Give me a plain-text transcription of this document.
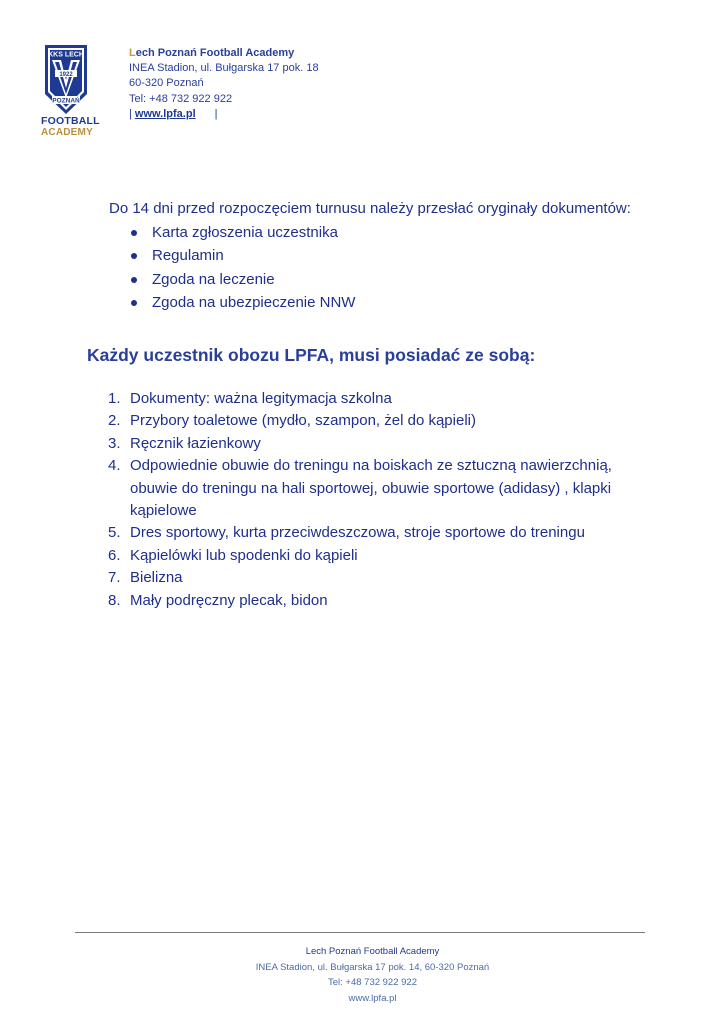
KKS LECH
1922
POZNAŃ
FOOTBALL
ACADEMY
Lech Poznań Football Academy
INEA Stadion, ul. Bułgarska 17 pok. 18
60-320 Poznań
Tel: +48 732 922 922
| www.lpfa.pl |
Do 14 dni przed rozpoczęciem turnusu należy przesłać oryginały dokumentów:
Karta zgłoszenia uczestnika
Regulamin
Zgoda na leczenie
Zgoda na ubezpieczenie NNW
Każdy uczestnik obozu LPFA, musi posiadać ze sobą:
1. Dokumenty: ważna legitymacja szkolna
2. Przybory toaletowe (mydło, szampon, żel do kąpieli)
3. Ręcznik łazienkowy
4. Odpowiednie obuwie do treningu na boiskach ze sztuczną nawierzchnią, obuwie do treningu na hali sportowej, obuwie sportowe (adidasy) , klapki kąpielowe
5. Dres sportowy, kurta przeciwdeszczowa, stroje sportowe do treningu
6. Kąpielówki lub spodenki do kąpieli
7. Bielizna
8. Mały podręczny plecak, bidon
Lech Poznań Football Academy
INEA Stadion, ul. Bułgarska 17 pok. 14, 60-320 Poznań
Tel: +48 732 922 922
www.lpfa.pl
